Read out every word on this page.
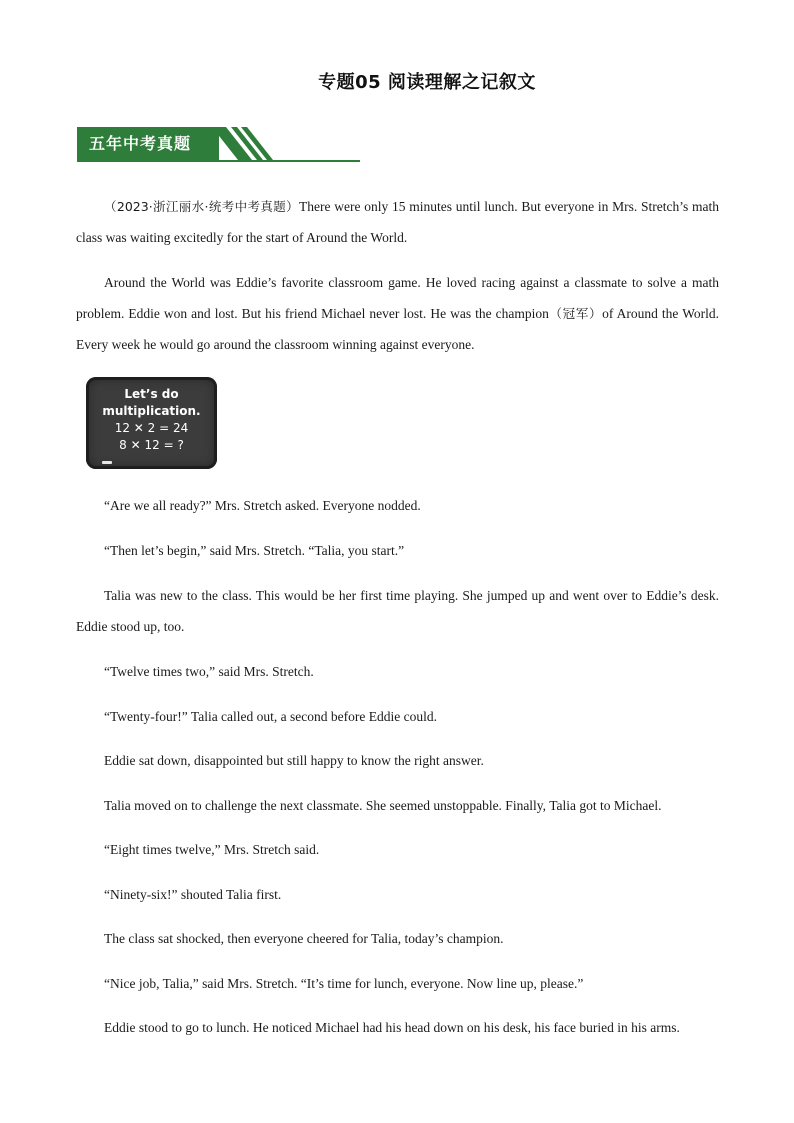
专题05 阅读理解之记叙文
五年中考真题
（2023·浙江丽水·统考中考真题）There were only 15 minutes until lunch. But everyone in Mrs. Stretch’s math class was waiting excitedly for the start of Around the World.
Around the World was Eddie’s favorite classroom game. He loved racing against a classmate to solve a math problem. Eddie won and lost. But his friend Michael never lost. He was the champion（冠军）of Around the World. Every week he would go around the classroom winning against everyone.
Let’s do
multiplication.
12 ✕ 2 = 24
8 ✕ 12 = ?
“Are we all ready?” Mrs. Stretch asked. Everyone nodded.
“Then let’s begin,” said Mrs. Stretch. “Talia, you start.”
Talia was new to the class. This would be her first time playing. She jumped up and went over to Eddie’s desk. Eddie stood up, too.
“Twelve times two,” said Mrs. Stretch.
“Twenty-four!” Talia called out, a second before Eddie could.
Eddie sat down, disappointed but still happy to know the right answer.
Talia moved on to challenge the next classmate. She seemed unstoppable. Finally, Talia got to Michael.
“Eight times twelve,” Mrs. Stretch said.
“Ninety-six!” shouted Talia first.
The class sat shocked, then everyone cheered for Talia, today’s champion.
“Nice job, Talia,” said Mrs. Stretch. “It’s time for lunch, everyone. Now line up, please.”
Eddie stood to go to lunch. He noticed Michael had his head down on his desk, his face buried in his arms.
